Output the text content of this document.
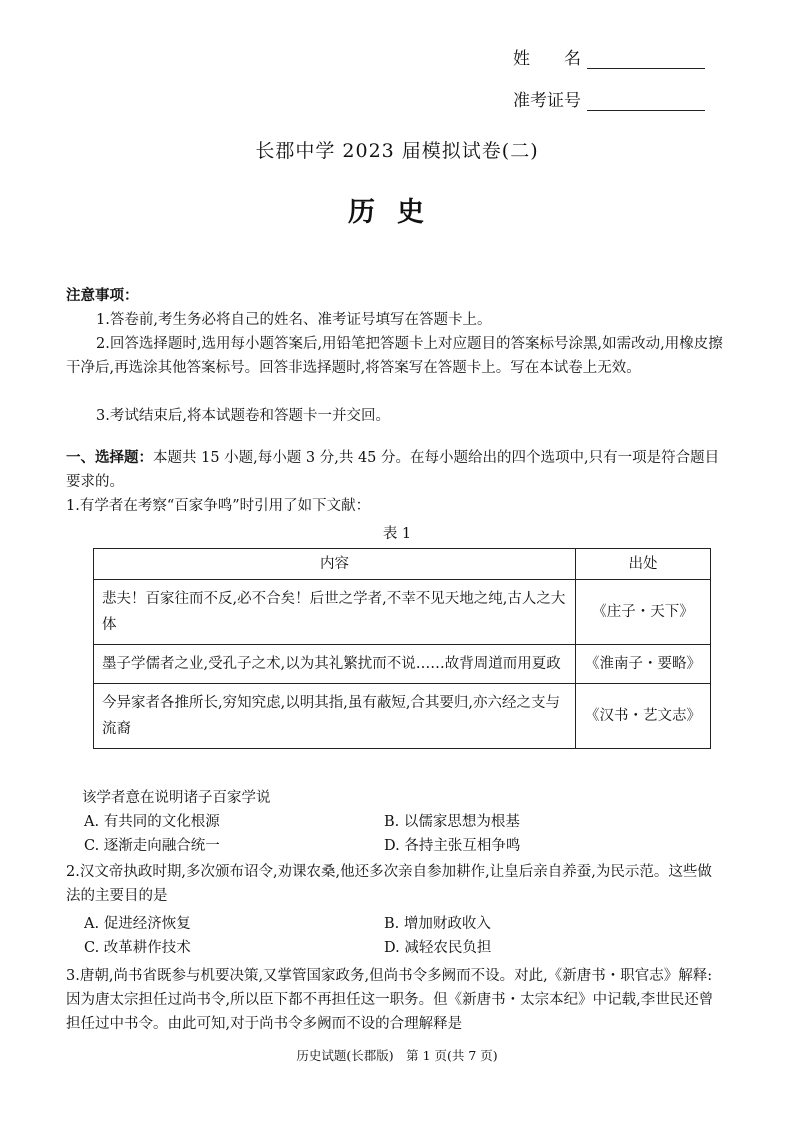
姓　　名
准考证号
长郡中学 2023 届模拟试卷(二)
历史
注意事项：
1.答卷前,考生务必将自己的姓名、准考证号填写在答题卡上。
2.回答选择题时,选用每小题答案后,用铅笔把答题卡上对应题目的答案标号涂黑,如需改动,用橡皮擦干净后,再选涂其他答案标号。回答非选择题时,将答案写在答题卡上。写在本试卷上无效。
3.考试结束后,将本试题卷和答题卡一并交回。
一、选择题：本题共 15 小题,每小题 3 分,共 45 分。在每小题给出的四个选项中,只有一项是符合题目要求的。
1.有学者在考察“百家争鸣”时引用了如下文献：
表 1
内容	出处
悲夫！百家往而不反,必不合矣！后世之学者,不幸不见天地之纯,古人之大体	《庄子・天下》
墨子学儒者之业,受孔子之术,以为其礼繁扰而不说……故背周道而用夏政	《淮南子・要略》
今异家者各推所长,穷知究虑,以明其指,虽有蔽短,合其要归,亦六经之支与流裔	《汉书・艺文志》
该学者意在说明诸子百家学说
A. 有共同的文化根源	B. 以儒家思想为根基
C. 逐渐走向融合统一	D. 各持主张互相争鸣
2.汉文帝执政时期,多次颁布诏令,劝课农桑,他还多次亲自参加耕作,让皇后亲自养蚕,为民示范。这些做法的主要目的是
A. 促进经济恢复	B. 增加财政收入
C. 改革耕作技术	D. 减轻农民负担
3.唐朝,尚书省既参与机要决策,又掌管国家政务,但尚书令多阙而不设。对此,《新唐书・职官志》解释:因为唐太宗担任过尚书令,所以臣下都不再担任这一职务。但《新唐书・太宗本纪》中记载,李世民还曾担任过中书令。由此可知,对于尚书令多阙而不设的合理解释是
历史试题(长郡版)　第 1 页(共 7 页)
